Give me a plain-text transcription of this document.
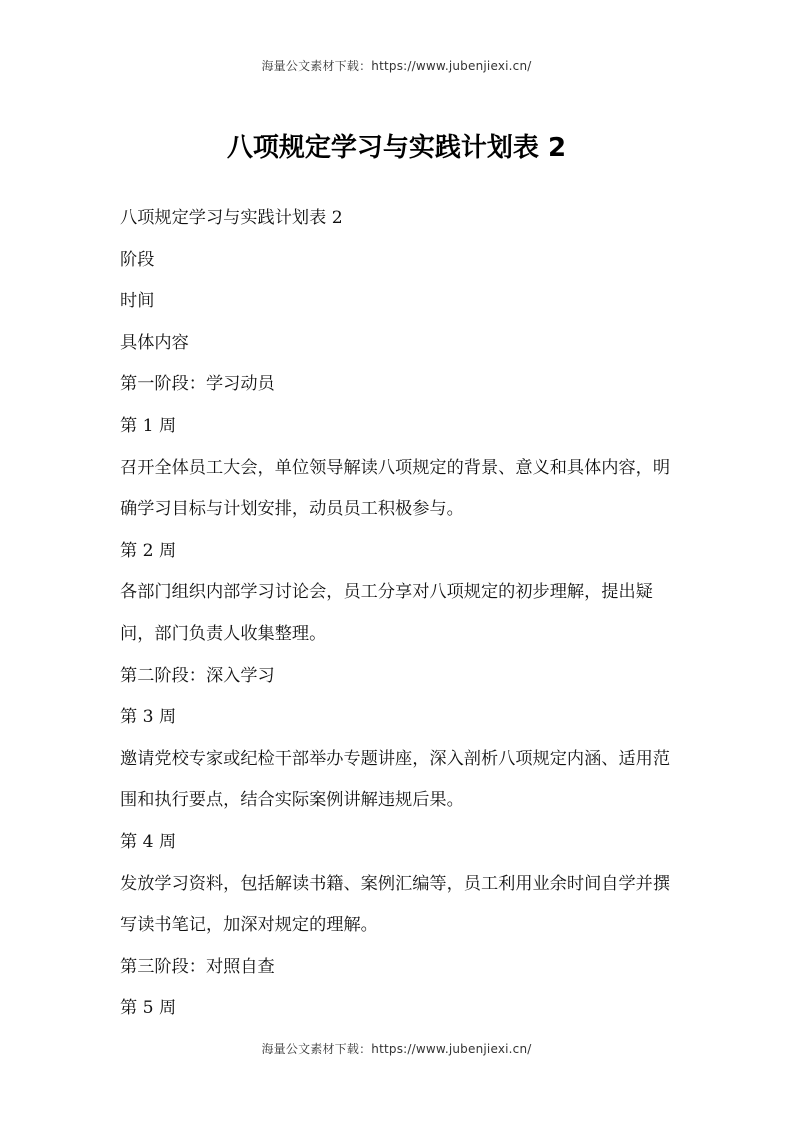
海量公文素材下载：https://www.jubenjiexi.cn/
八项规定学习与实践计划表 2

八项规定学习与实践计划表 2

阶段

时间

具体内容

第一阶段：学习动员

第 1 周

召开全体员工大会，单位领导解读八项规定的背景、意义和具体内容，明确学习目标与计划安排，动员员工积极参与。

第 2 周

各部门组织内部学习讨论会，员工分享对八项规定的初步理解，提出疑问，部门负责人收集整理。

第二阶段：深入学习

第 3 周

邀请党校专家或纪检干部举办专题讲座，深入剖析八项规定内涵、适用范围和执行要点，结合实际案例讲解违规后果。

第 4 周

发放学习资料，包括解读书籍、案例汇编等，员工利用业余时间自学并撰写读书笔记，加深对规定的理解。

第三阶段：对照自查

第 5 周

海量公文素材下载：https://www.jubenjiexi.cn/
